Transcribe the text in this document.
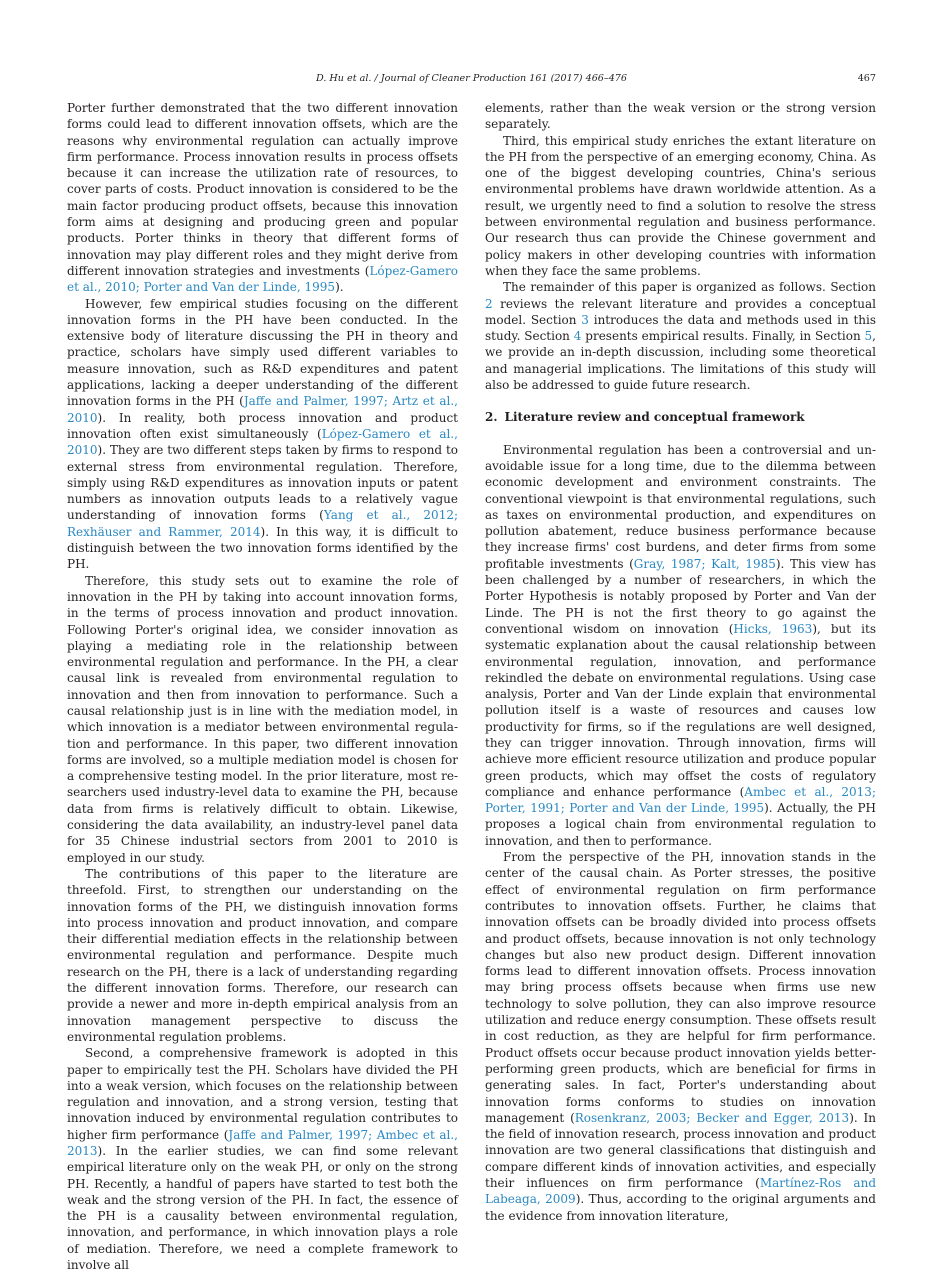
D. Hu et al. / Journal of Cleaner Production 161 (2017) 466–476	467

Porter further demonstrated that the two different innovation forms could lead to different innovation offsets, which are the reasons why environmental regulation can actually improve firm performance. Process innovation results in process offsets because it can increase the utilization rate of resources, to cover parts of costs. Product innovation is considered to be the main factor producing product offsets, because this innovation form aims at designing and producing green and popular products. Porter thinks in theory that different forms of innovation may play different roles and they might derive from different innovation strategies and investments (López-Gamero et al., 2010; Porter and Van der Linde, 1995).

However, few empirical studies focusing on the different innovation forms in the PH have been conducted. In the extensive body of literature discussing the PH in theory and practice, scholars have simply used different variables to measure innovation, such as R&D expenditures and patent applications, lacking a deeper understanding of the different innovation forms in the PH (Jaffe and Palmer, 1997; Artz et al., 2010). In reality, both process innovation and product innovation often exist simultaneously (López-Gamero et al., 2010). They are two different steps taken by firms to respond to external stress from environmental regulation. Therefore, simply using R&D expenditures as innovation inputs or patent numbers as innovation outputs leads to a relatively vague understanding of innovation forms (Yang et al., 2012; Rexhäuser and Rammer, 2014). In this way, it is difficult to distinguish between the two innovation forms identified by the PH.

Therefore, this study sets out to examine the role of innovation in the PH by taking into account innovation forms, in the terms of process innovation and product innovation. Following Porter's original idea, we consider innovation as playing a mediating role in the relationship between environmental regulation and performance. In the PH, a clear causal link is revealed from environmental regulation to innovation and then from innovation to performance. Such a causal relationship just is in line with the mediation model, in which innovation is a mediator between environmental regulation and performance. In this paper, two different innovation forms are involved, so a multiple mediation model is chosen for a comprehensive testing model. In the prior literature, most researchers used industry-level data to examine the PH, because data from firms is relatively difficult to obtain. Likewise, considering the data availability, an industry-level panel data for 35 Chinese industrial sectors from 2001 to 2010 is employed in our study.

The contributions of this paper to the literature are threefold. First, to strengthen our understanding on the innovation forms of the PH, we distinguish innovation forms into process innovation and product innovation, and compare their differential mediation effects in the relationship between environmental regulation and performance. Despite much research on the PH, there is a lack of understanding regarding the different innovation forms. Therefore, our research can provide a newer and more in-depth empirical analysis from an innovation management perspective to discuss the environmental regulation problems.

Second, a comprehensive framework is adopted in this paper to empirically test the PH. Scholars have divided the PH into a weak version, which focuses on the relationship between regulation and innovation, and a strong version, testing that innovation induced by environmental regulation contributes to higher firm performance (Jaffe and Palmer, 1997; Ambec et al., 2013). In the earlier studies, we can find some relevant empirical literature only on the weak PH, or only on the strong PH. Recently, a handful of papers have started to test both the weak and the strong version of the PH. In fact, the essence of the PH is a causality between environmental regulation, innovation, and performance, in which innovation plays a role of mediation. Therefore, we need a complete framework to involve all

elements, rather than the weak version or the strong version separately.

Third, this empirical study enriches the extant literature on the PH from the perspective of an emerging economy, China. As one of the biggest developing countries, China's serious environmental problems have drawn worldwide attention. As a result, we urgently need to find a solution to resolve the stress between environmental regulation and business performance. Our research thus can provide the Chinese government and policy makers in other developing countries with information when they face the same problems.

The remainder of this paper is organized as follows. Section 2 reviews the relevant literature and provides a conceptual model. Section 3 introduces the data and methods used in this study. Section 4 presents empirical results. Finally, in Section 5, we provide an in-depth discussion, including some theoretical and managerial implications. The limitations of this study will also be addressed to guide future research.

2. Literature review and conceptual framework

Environmental regulation has been a controversial and unavoidable issue for a long time, due to the dilemma between economic development and environment constraints. The conventional viewpoint is that environmental regulations, such as taxes on environmental production, and expenditures on pollution abatement, reduce business performance because they increase firms' cost burdens, and deter firms from some profitable investments (Gray, 1987; Kalt, 1985). This view has been challenged by a number of researchers, in which the Porter Hypothesis is notably proposed by Porter and Van der Linde. The PH is not the first theory to go against the conventional wisdom on innovation (Hicks, 1963), but its systematic explanation about the causal relationship between environmental regulation, innovation, and performance rekindled the debate on environmental regulations. Using case analysis, Porter and Van der Linde explain that environmental pollution itself is a waste of resources and causes low productivity for firms, so if the regulations are well designed, they can trigger innovation. Through innovation, firms will achieve more efficient resource utilization and produce popular green products, which may offset the costs of regulatory compliance and enhance performance (Ambec et al., 2013; Porter, 1991; Porter and Van der Linde, 1995). Actually, the PH proposes a logical chain from environmental regulation to innovation, and then to performance.

From the perspective of the PH, innovation stands in the center of the causal chain. As Porter stresses, the positive effect of environmental regulation on firm performance contributes to innovation offsets. Further, he claims that innovation offsets can be broadly divided into process offsets and product offsets, because innovation is not only technology changes but also new product design. Different innovation forms lead to different innovation offsets. Process innovation may bring process offsets because when firms use new technology to solve pollution, they can also improve resource utilization and reduce energy consumption. These offsets result in cost reduction, as they are helpful for firm performance. Product offsets occur because product innovation yields better-performing green products, which are beneficial for firms in generating sales. In fact, Porter's understanding about innovation forms conforms to studies on innovation management (Rosenkranz, 2003; Becker and Egger, 2013). In the field of innovation research, process innovation and product innovation are two general classifications that distinguish and compare different kinds of innovation activities, and especially their influences on firm performance (Martínez-Ros and Labeaga, 2009). Thus, according to the original arguments and the evidence from innovation literature,
